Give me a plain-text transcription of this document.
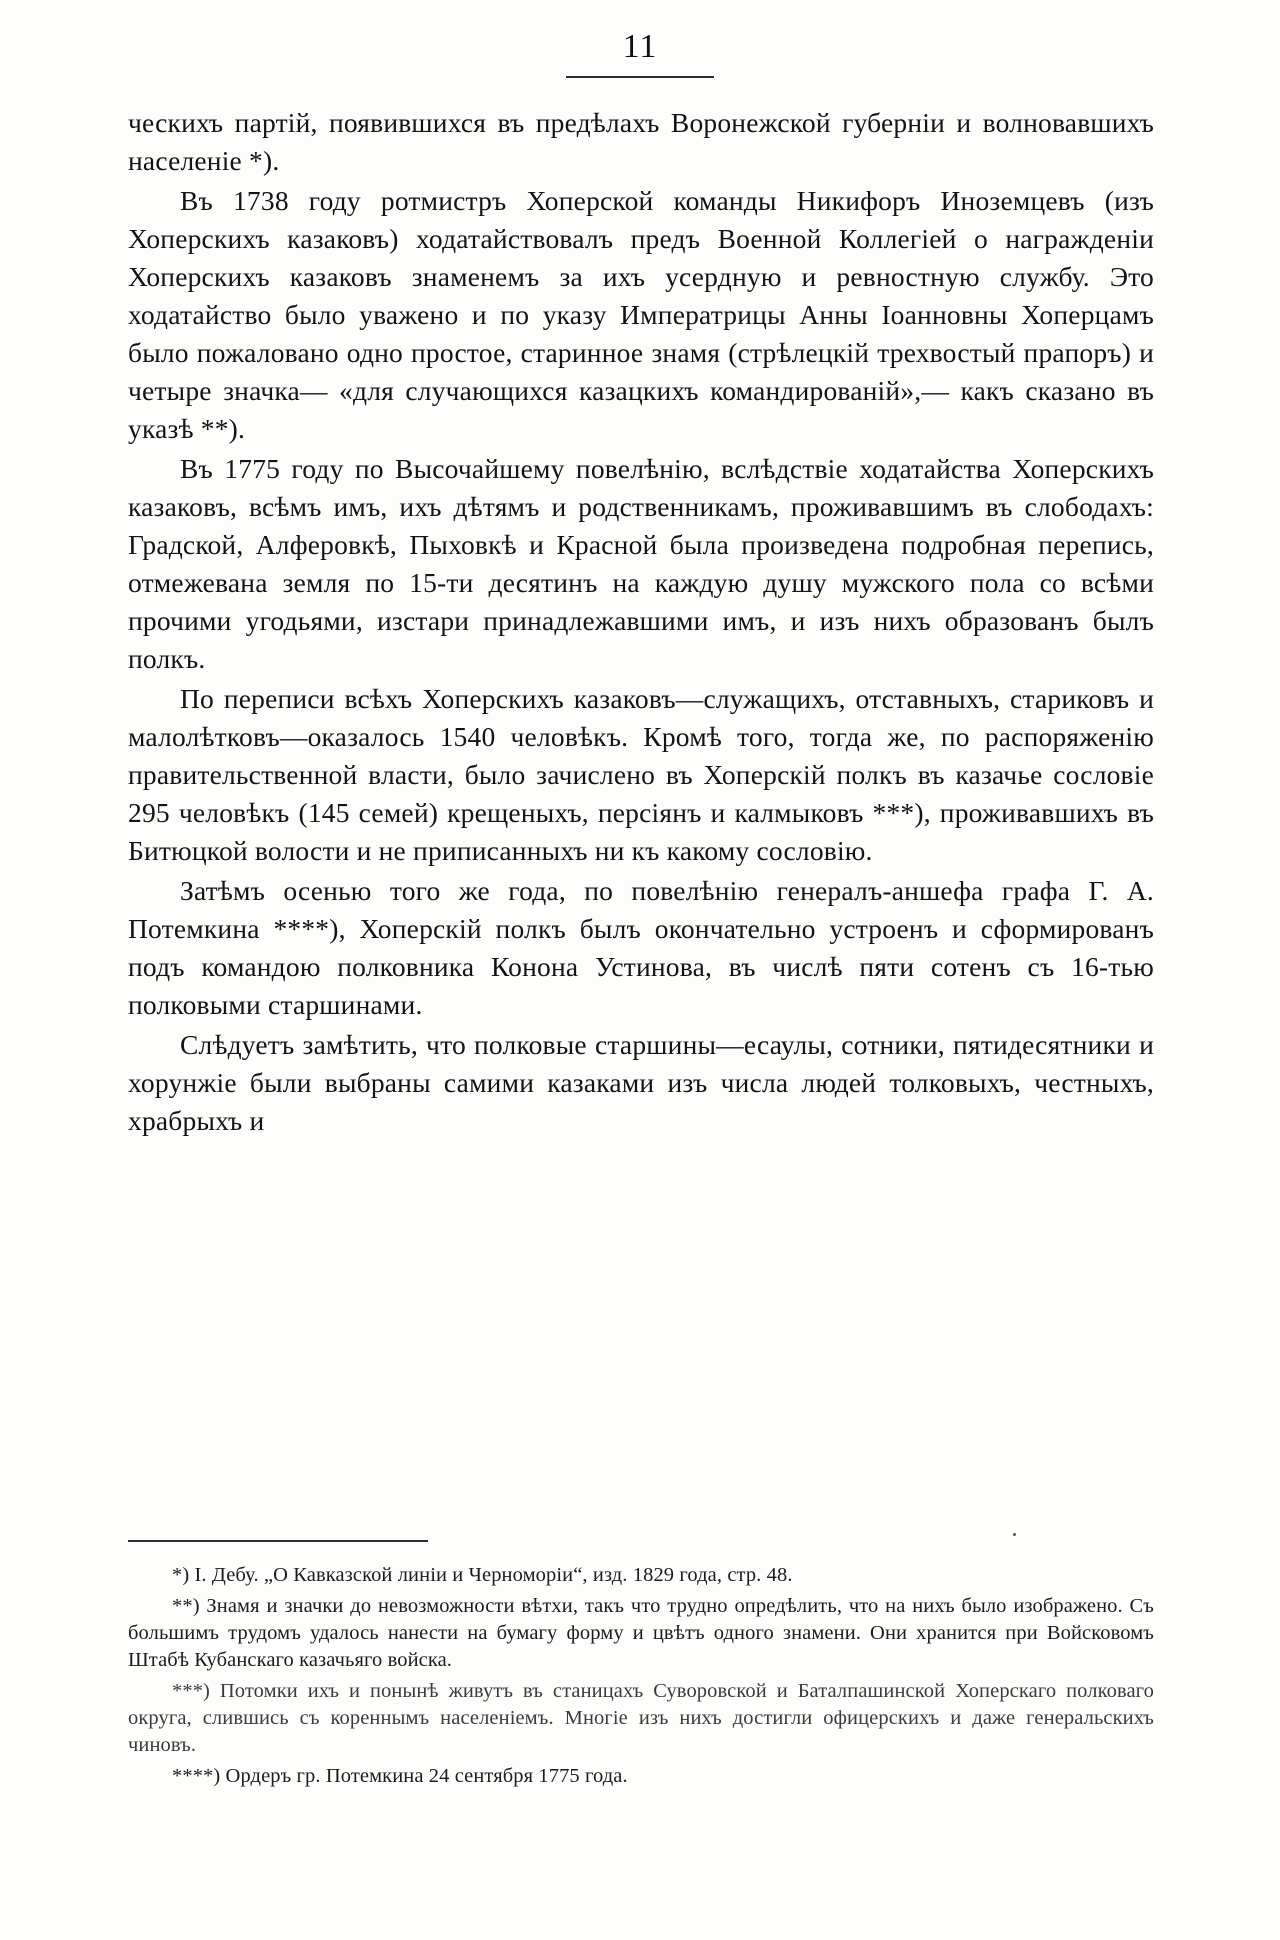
11

ческихъ партій, появившихся въ предѣлахъ Воронежской губерніи и волновавшихъ населеніе *).

Въ 1738 году ротмистръ Хоперской команды Никифоръ Иноземцевъ (изъ Хоперскихъ казаковъ) ходатайствовалъ предъ Военной Коллегіей о награжденіи Хоперскихъ казаковъ знаменемъ за ихъ усердную и ревностную службу. Это ходатайство было уважено и по указу Императрицы Анны Іоанновны Хоперцамъ было пожаловано одно простое, старинное знамя (стрѣлецкій трехвостый прапоръ) и четыре значка— «для случающихся казацкихъ командированій»,— какъ сказано въ указѣ **).

Въ 1775 году по Высочайшему повелѣнію, вслѣдствіе ходатайства Хоперскихъ казаковъ, всѣмъ имъ, ихъ дѣтямъ и родственникамъ, проживавшимъ въ слободахъ: Градской, Алферовкѣ, Пыховкѣ и Красной была произведена подробная перепись, отмежевана земля по 15-ти десятинъ на каждую душу мужского пола со всѣми прочими угодьями, изстари принадлежавшими имъ, и изъ нихъ образованъ былъ полкъ.

По переписи всѣхъ Хоперскихъ казаковъ—служащихъ, отставныхъ, стариковъ и малолѣтковъ—оказалось 1540 человѣкъ. Кромѣ того, тогда же, по распоряженію правительственной власти, было зачислено въ Хоперскій полкъ въ казачье сословіе 295 человѣкъ (145 семей) крещеныхъ, персіянъ и калмыковъ ***), проживавшихъ въ Битюцкой волости и не приписанныхъ ни къ какому сословію.

Затѣмъ осенью того же года, по повелѣнію генералъ-аншефа графа Г. А. Потемкина ****), Хоперскій полкъ былъ окончательно устроенъ и сформированъ подъ командою полковника Конона Устинова, въ числѣ пяти сотенъ съ 16-тью полковыми старшинами.

Слѣдуетъ замѣтить, что полковые старшины—есаулы, сотники, пятидесятники и хорунжіе были выбраны самими казаками изъ числа людей толковыхъ, честныхъ, храбрыхъ и

*) І. Дебу. „О Кавказской линіи и Черноморіи“, изд. 1829 года, стр. 48.

**) Знамя и значки до невозможности вѣтхи, такъ что трудно опредѣлить, что на нихъ было изображено. Съ большимъ трудомъ удалось нанести на бумагу форму и цвѣтъ одного знамени. Они хранится при Войсковомъ Штабѣ Кубанскаго казачьяго войска.

***) Потомки ихъ и понынѣ живутъ въ станицахъ Суворовской и Баталпашинской Хоперскаго полковаго округа, слившись съ кореннымъ населеніемъ. Многіе изъ нихъ достигли офицерскихъ и даже генеральскихъ чиновъ.

****) Ордеръ гр. Потемкина 24 сентября 1775 года.
